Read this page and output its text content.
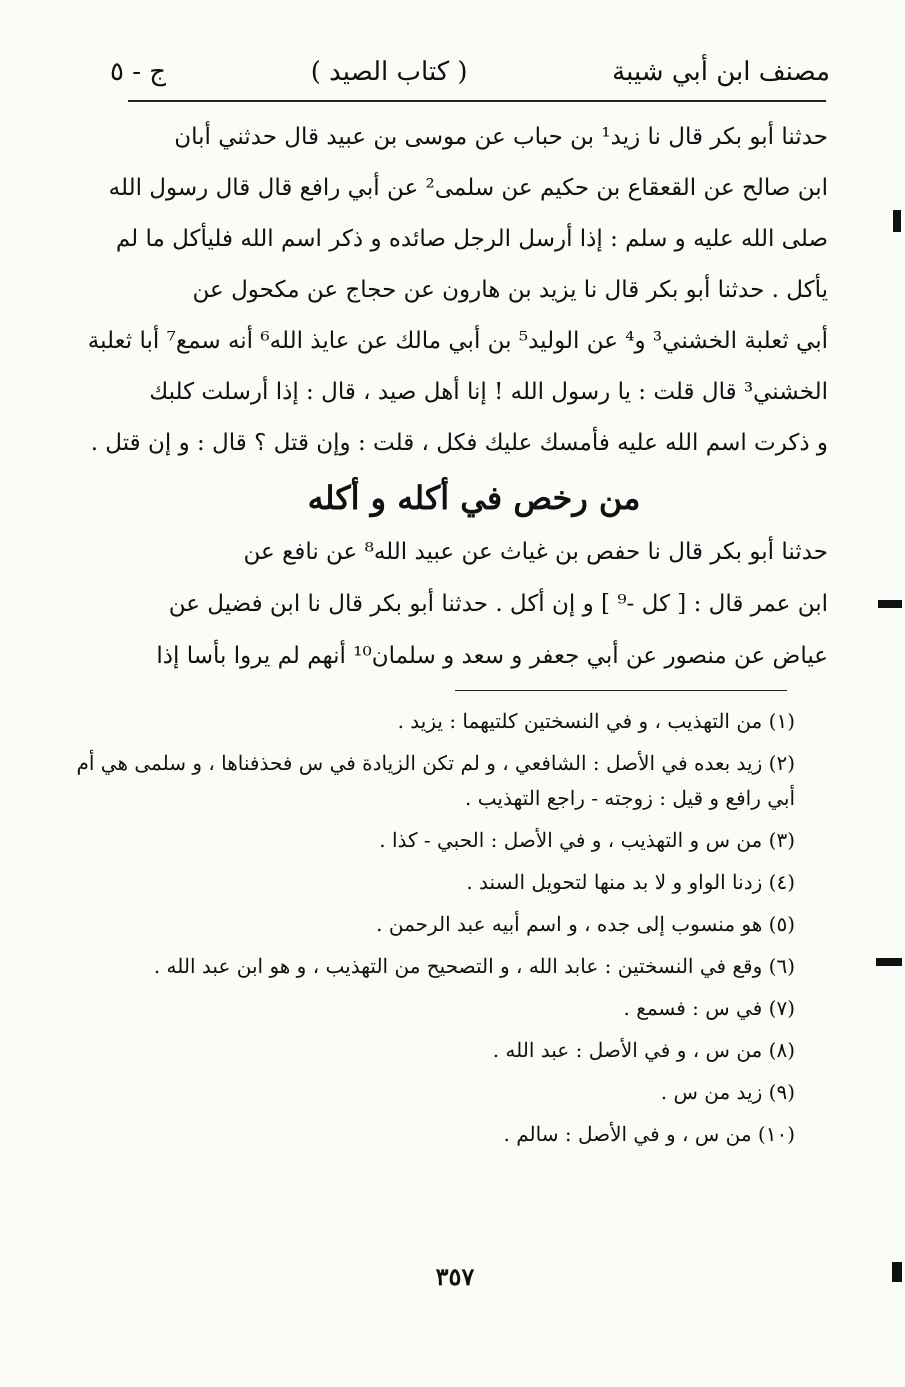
مصنف ابن أبي شيبة
( كتاب الصيد )
ج - ٥
حدثنا أبو بكر قال نا زيد¹ بن حباب عن موسى بن عبيد قال حدثني أبان
ابن صالح عن القعقاع بن حكيم عن سلمى² عن أبي رافع قال قال رسول الله
صلى الله عليه و سلم : إذا أرسل الرجل صائده و ذكر اسم الله فليأكل ما لم
يأكل . حدثنا أبو بكر قال نا يزيد بن هارون عن حجاج عن مكحول عن
أبي ثعلبة الخشني³ و⁴ عن الوليد⁵ بن أبي مالك عن عايذ الله⁶ أنه سمع⁷ أبا ثعلبة
الخشني³ قال قلت : يا رسول الله ! إنا أهل صيد ، قال : إذا أرسلت كلبك
و ذكرت اسم الله عليه فأمسك عليك فكل ، قلت : وإن قتل ؟ قال : و إن قتل .
من رخص في أكله و أكله
حدثنا أبو بكر قال نا حفص بن غياث عن عبيد الله⁸ عن نافع عن
ابن عمر قال : [ كل -⁹ ] و إن أكل . حدثنا أبو بكر قال نا ابن فضيل عن
عياض عن منصور عن أبي جعفر و سعد و سلمان¹⁰ أنهم لم يروا بأسا إذا
(١) من التهذيب ، و في النسختين كلتيهما : يزيد .
(٢) زيد بعده في الأصل : الشافعي ، و لم تكن الزيادة في س فحذفناها ، و سلمى هي أم
أبي رافع و قيل : زوجته - راجع التهذيب .
(٣) من س و التهذيب ، و في الأصل : الحبي - كذا .
(٤) زدنا الواو و لا بد منها لتحويل السند .
(٥) هو منسوب إلى جده ، و اسم أبيه عبد الرحمن .
(٦) وقع في النسختين : عابد الله ، و التصحيح من التهذيب ، و هو ابن عبد الله .
(٧) في س : فسمع .
(٨) من س ، و في الأصل : عبد الله .
(٩) زيد من س .
(١٠) من س ، و في الأصل : سالم .
٣٥٧
